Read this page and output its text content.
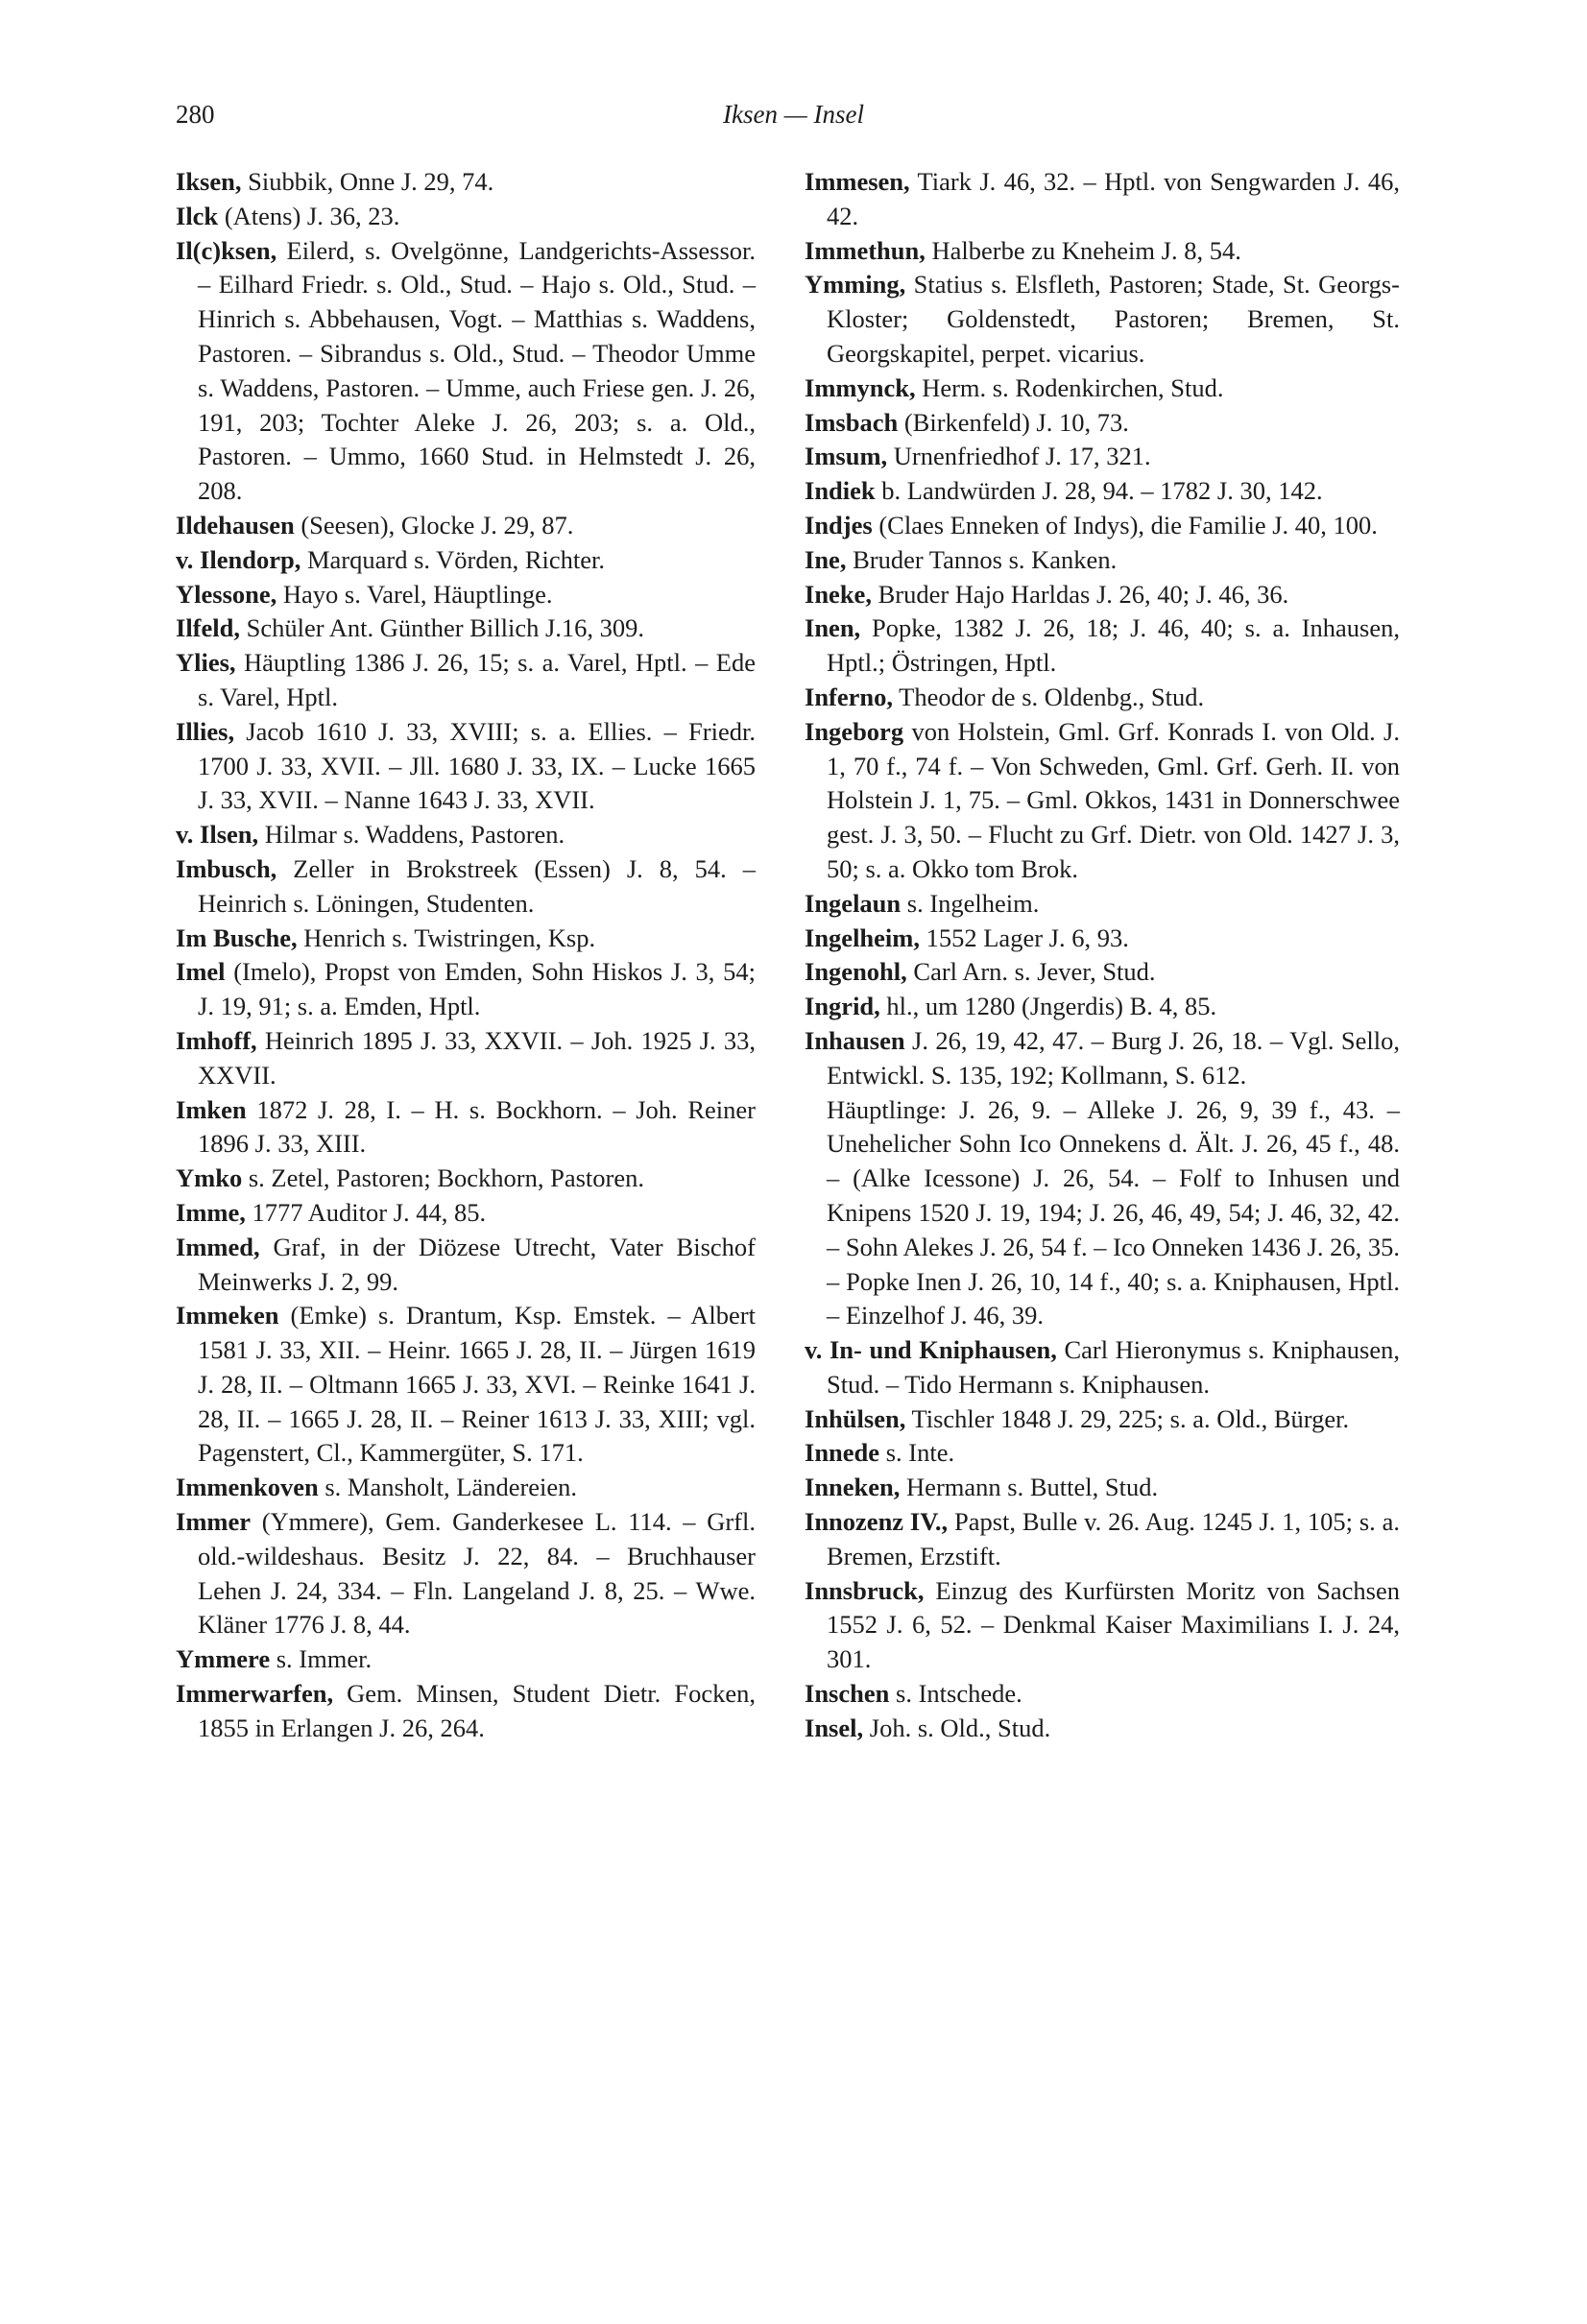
280	Iksen — Insel

Iksen, Siubbik, Onne J. 29, 74.

Ilck (Atens) J. 36, 23.

Il(c)ksen, Eilerd, s. Ovelgönne, Landgerichts-Assessor. – Eilhard Friedr. s. Old., Stud. – Hajo s. Old., Stud. – Hinrich s. Abbehausen, Vogt. – Matthias s. Waddens, Pastoren. – Sibrandus s. Old., Stud. – Theodor Umme s. Waddens, Pastoren. – Umme, auch Friese gen. J. 26, 191, 203; Tochter Aleke J. 26, 203; s. a. Old., Pastoren. – Ummo, 1660 Stud. in Helmstedt J. 26, 208.

Ildehausen (Seesen), Glocke J. 29, 87.

v. Ilendorp, Marquard s. Vörden, Richter.

Ylessone, Hayo s. Varel, Häuptlinge.

Ilfeld, Schüler Ant. Günther Billich J.16, 309.

Ylies, Häuptling 1386 J. 26, 15; s. a. Varel, Hptl. – Ede s. Varel, Hptl.

Illies, Jacob 1610 J. 33, XVIII; s. a. Ellies. – Friedr. 1700 J. 33, XVII. – Jll. 1680 J. 33, IX. – Lucke 1665 J. 33, XVII. – Nanne 1643 J. 33, XVII.

v. Ilsen, Hilmar s. Waddens, Pastoren.

Imbusch, Zeller in Brokstreek (Essen) J. 8, 54. – Heinrich s. Löningen, Studenten.

Im Busche, Henrich s. Twistringen, Ksp.

Imel (Imelo), Propst von Emden, Sohn Hiskos J. 3, 54; J. 19, 91; s. a. Emden, Hptl.

Imhoff, Heinrich 1895 J. 33, XXVII. – Joh. 1925 J. 33, XXVII.

Imken 1872 J. 28, I. – H. s. Bockhorn. – Joh. Reiner 1896 J. 33, XIII.

Ymko s. Zetel, Pastoren; Bockhorn, Pastoren.

Imme, 1777 Auditor J. 44, 85.

Immed, Graf, in der Diözese Utrecht, Vater Bischof Meinwerks J. 2, 99.

Immeken (Emke) s. Drantum, Ksp. Emstek. – Albert 1581 J. 33, XII. – Heinr. 1665 J. 28, II. – Jürgen 1619 J. 28, II. – Oltmann 1665 J. 33, XVI. – Reinke 1641 J. 28, II. – 1665 J. 28, II. – Reiner 1613 J. 33, XIII; vgl. Pagenstert, Cl., Kammergüter, S. 171.

Immenkoven s. Mansholt, Ländereien.

Immer (Ymmere), Gem. Ganderkesee L. 114. – Grfl. old.-wildeshaus. Besitz J. 22, 84. – Bruchhauser Lehen J. 24, 334. – Fln. Langeland J. 8, 25. – Wwe. Kläner 1776 J. 8, 44.

Ymmere s. Immer.

Immerwarfen, Gem. Minsen, Student Dietr. Focken, 1855 in Erlangen J. 26, 264.

Immesen, Tiark J. 46, 32. – Hptl. von Sengwarden J. 46, 42.

Immethun, Halberbe zu Kneheim J. 8, 54.

Ymming, Statius s. Elsfleth, Pastoren; Stade, St. Georgs-Kloster; Goldenstedt, Pastoren; Bremen, St. Georgskapitel, perpet. vicarius.

Immynck, Herm. s. Rodenkirchen, Stud.

Imsbach (Birkenfeld) J. 10, 73.

Imsum, Urnenfriedhof J. 17, 321.

Indiek b. Landwürden J. 28, 94. – 1782 J. 30, 142.

Indjes (Claes Enneken of Indys), die Familie J. 40, 100.

Ine, Bruder Tannos s. Kanken.

Ineke, Bruder Hajo Harldas J. 26, 40; J. 46, 36.

Inen, Popke, 1382 J. 26, 18; J. 46, 40; s. a. Inhausen, Hptl.; Östringen, Hptl.

Inferno, Theodor de s. Oldenbg., Stud.

Ingeborg von Holstein, Gml. Grf. Konrads I. von Old. J. 1, 70 f., 74 f. – Von Schweden, Gml. Grf. Gerh. II. von Holstein J. 1, 75. – Gml. Okkos, 1431 in Donnerschwee gest. J. 3, 50. – Flucht zu Grf. Dietr. von Old. 1427 J. 3, 50; s. a. Okko tom Brok.

Ingelaun s. Ingelheim.

Ingelheim, 1552 Lager J. 6, 93.

Ingenohl, Carl Arn. s. Jever, Stud.

Ingrid, hl., um 1280 (Jngerdis) B. 4, 85.

Inhausen J. 26, 19, 42, 47. – Burg J. 26, 18. – Vgl. Sello, Entwickl. S. 135, 192; Kollmann, S. 612.

Häuptlinge: J. 26, 9. – Alleke J. 26, 9, 39 f., 43. – Unehelicher Sohn Ico Onnekens d. Ält. J. 26, 45 f., 48. – (Alke Icessone) J. 26, 54. – Folf to Inhusen und Knipens 1520 J. 19, 194; J. 26, 46, 49, 54; J. 46, 32, 42. – Sohn Alekes J. 26, 54 f. – Ico Onneken 1436 J. 26, 35. – Popke Inen J. 26, 10, 14 f., 40; s. a. Kniphausen, Hptl. – Einzelhof J. 46, 39.

v. In- und Kniphausen, Carl Hieronymus s. Kniphausen, Stud. – Tido Hermann s. Kniphausen.

Inhülsen, Tischler 1848 J. 29, 225; s. a. Old., Bürger.

Innede s. Inte.

Inneken, Hermann s. Buttel, Stud.

Innozenz IV., Papst, Bulle v. 26. Aug. 1245 J. 1, 105; s. a. Bremen, Erzstift.

Innsbruck, Einzug des Kurfürsten Moritz von Sachsen 1552 J. 6, 52. – Denkmal Kaiser Maximilians I. J. 24, 301.

Inschen s. Intschede.

Insel, Joh. s. Old., Stud.
